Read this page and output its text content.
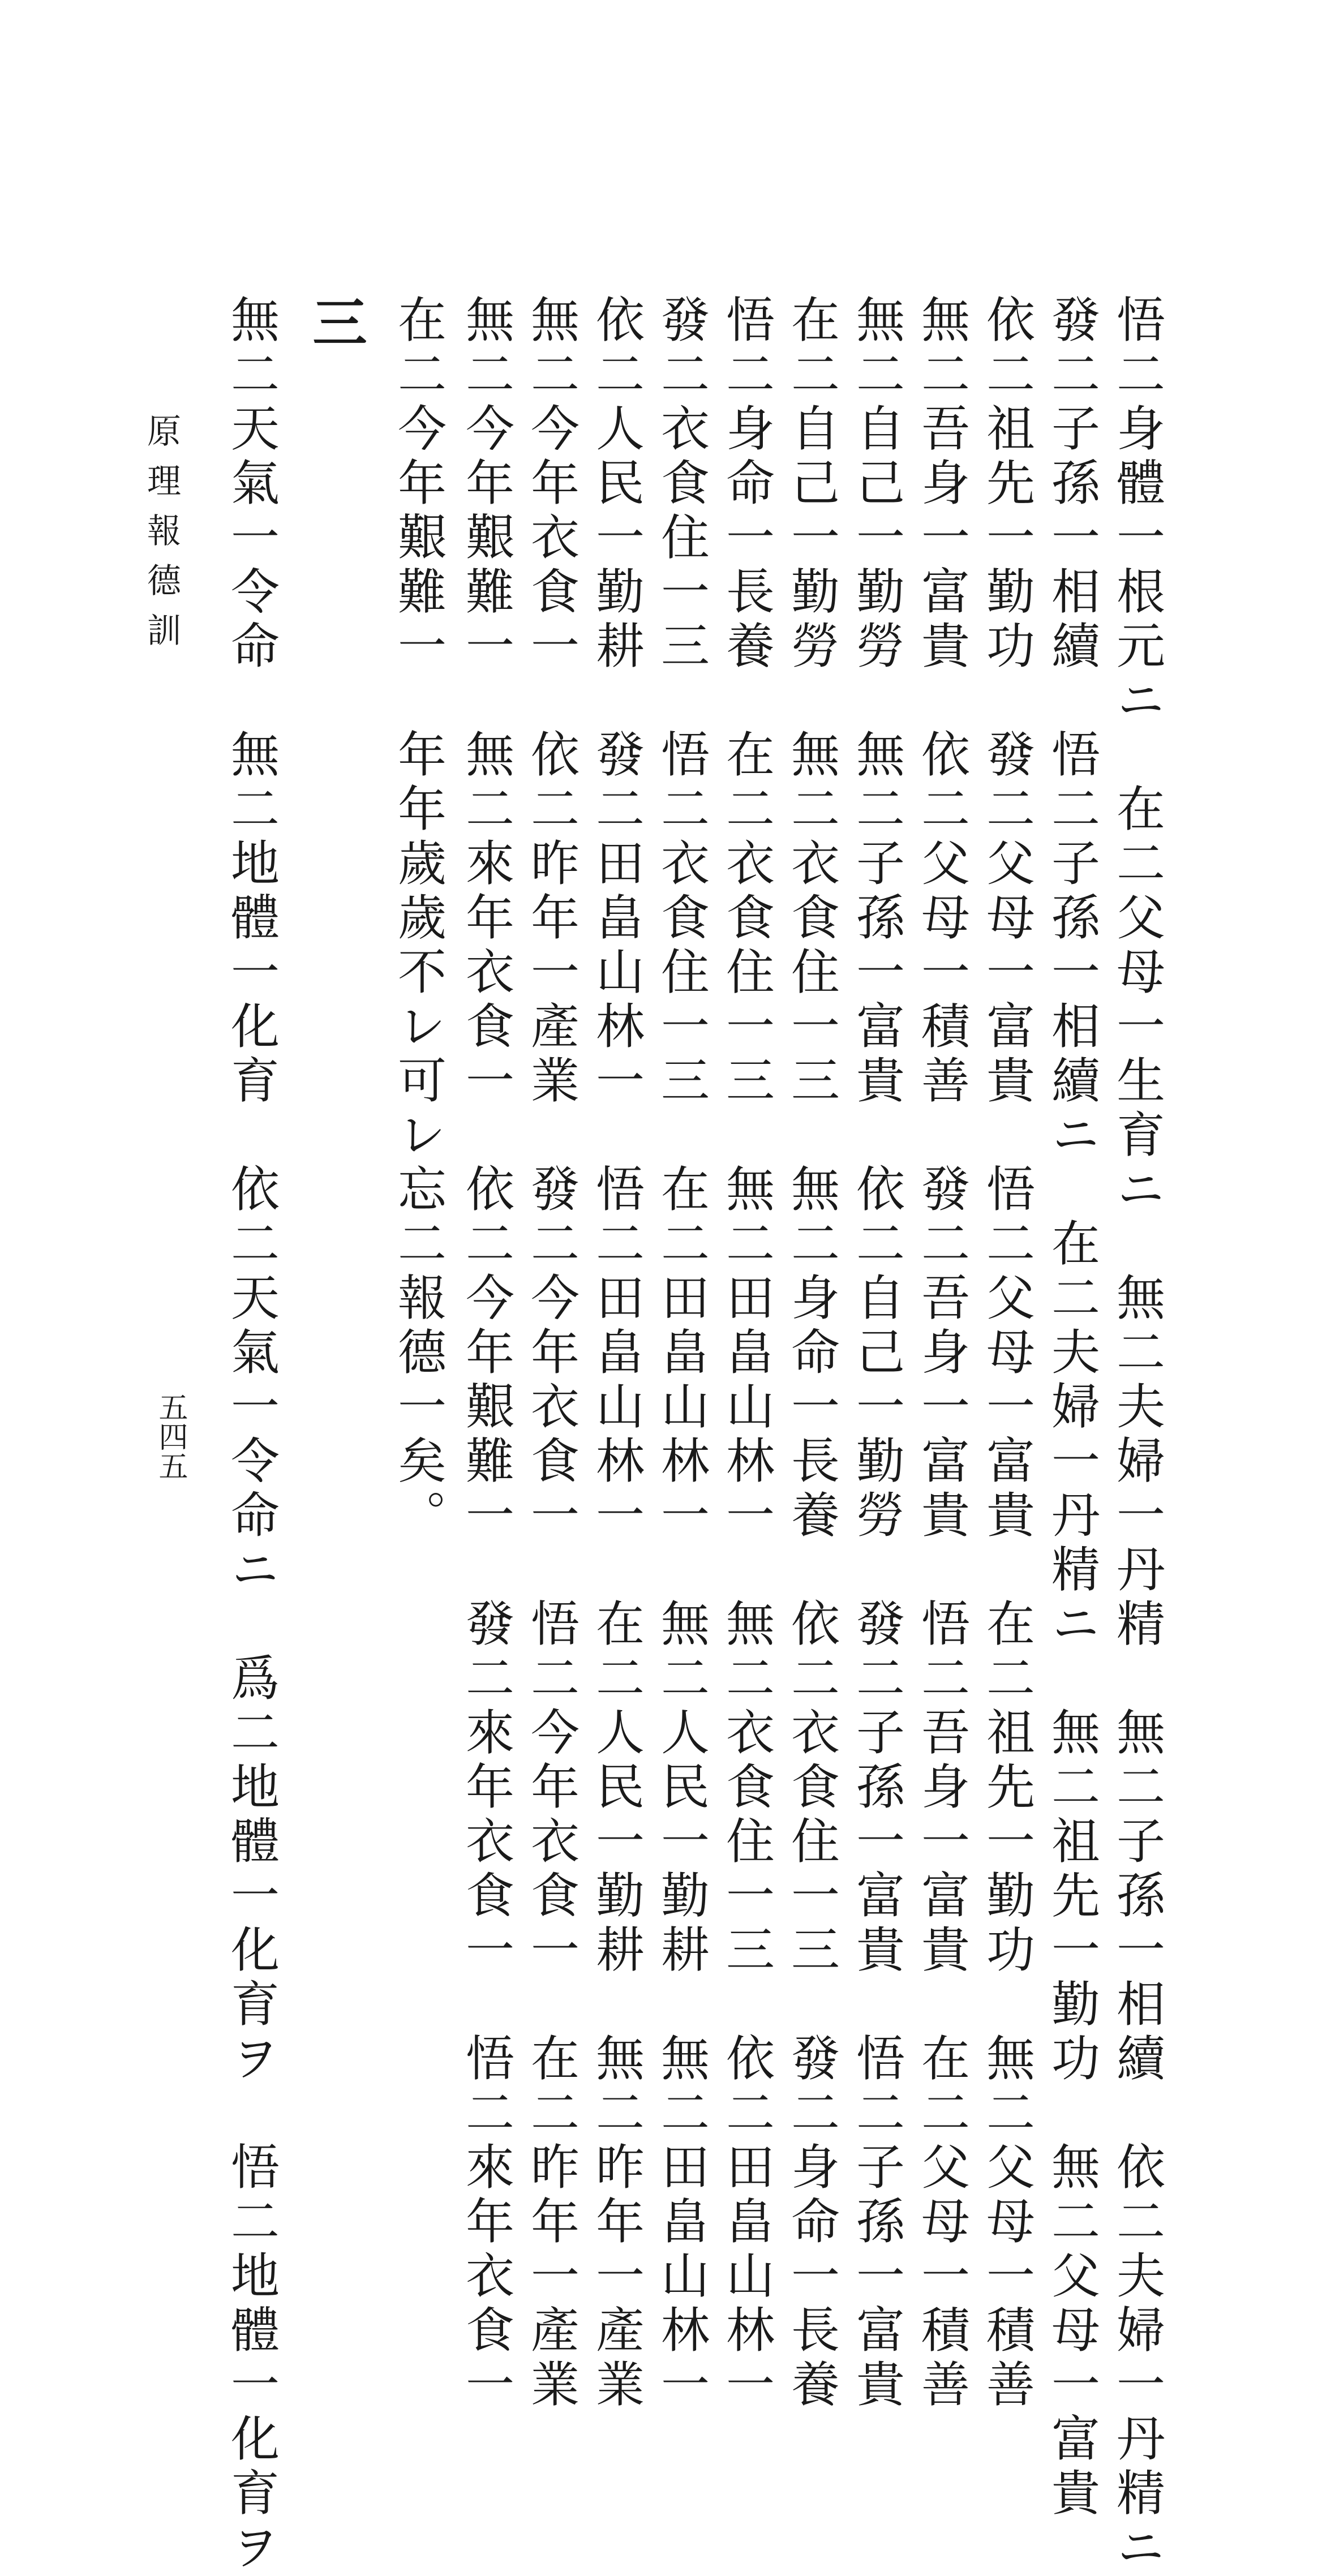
悟二身體一根元ニ　在二父母一生育ニ　無二夫婦一丹精　無二子孫一相續　依二夫婦一丹精ニ
發二子孫一相續　悟二子孫一相續ニ　在二夫婦一丹精ニ　無二祖先一勤功　無二父母一富貴
依二祖先一勤功　發二父母一富貴　悟二父母一富貴　在二祖先一勤功　無二父母一積善
無二吾身一富貴　依二父母一積善　發二吾身一富貴　悟二吾身一富貴　在二父母一積善
無二自己一勤勞　無二子孫一富貴　依二自己一勤勞　發二子孫一富貴　悟二子孫一富貴
在二自己一勤勞　無二衣食住一三　無二身命一長養　依二衣食住一三　發二身命一長養
悟二身命一長養　在二衣食住一三　無二田畠山林一　無二衣食住一三　依二田畠山林一
發二衣食住一三　悟二衣食住一三　在二田畠山林一　無二人民一勤耕　無二田畠山林一
依二人民一勤耕　發二田畠山林一　悟二田畠山林一　在二人民一勤耕　無二昨年一產業
無二今年衣食一　依二昨年一產業　發二今年衣食一　悟二今年衣食一　在二昨年一產業
無二今年艱難一　無二來年衣食一　依二今年艱難一　發二來年衣食一　悟二來年衣食一
在二今年艱難一　年年歲歲不レ可レ忘二報德一矣。
三
無二天氣一令命　無二地體一化育　依二天氣一令命ニ　爲二地體一化育ヲ　悟二地體一化育ヲ
原理報德訓
五四五
